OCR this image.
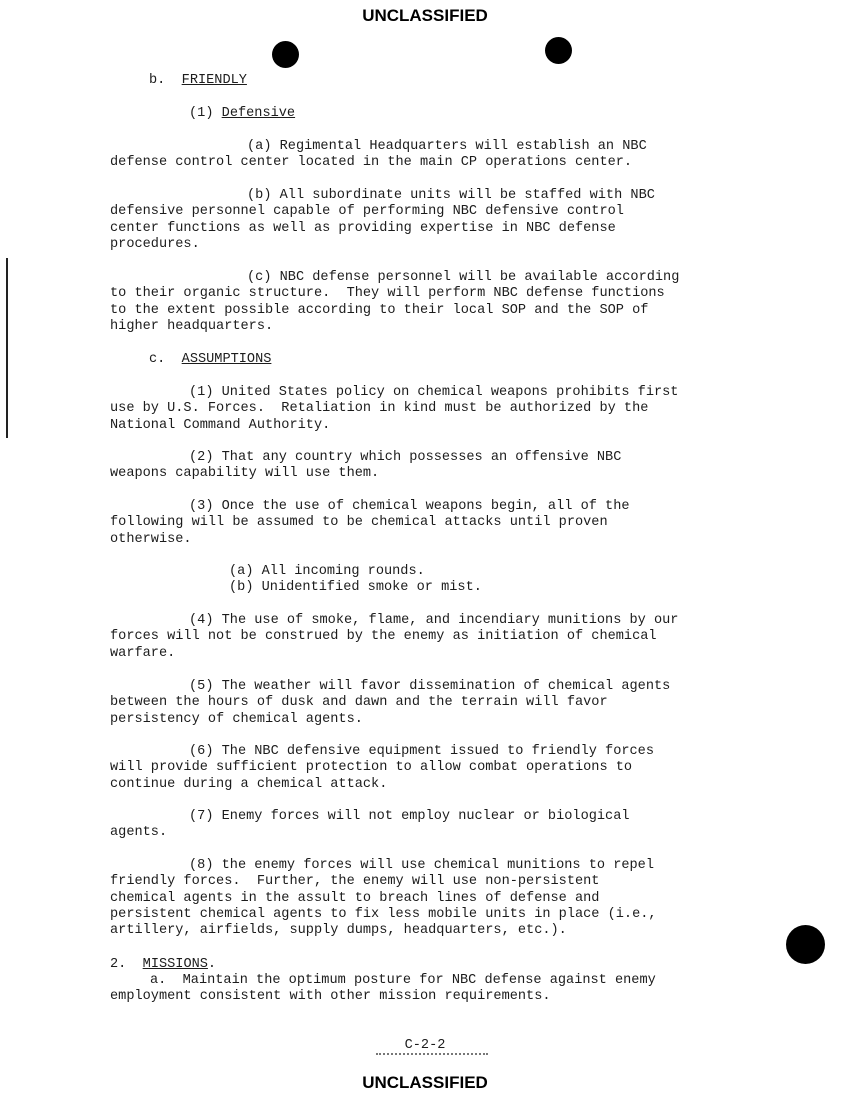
UNCLASSIFIED
b. FRIENDLY
(1) Defensive

(a) Regimental Headquarters will establish an NBC
defense control center located in the main CP operations center.

(b) All subordinate units will be staffed with NBC
defensive personnel capable of performing NBC defensive control
center functions as well as providing expertise in NBC defense
procedures.

(c) NBC defense personnel will be available according
to their organic structure.  They will perform NBC defense functions
to the extent possible according to their local SOP and the SOP of
higher headquarters.

c. ASSUMPTIONS

(1) United States policy on chemical weapons prohibits first
use by U.S. Forces.  Retaliation in kind must be authorized by the
National Command Authority.

(2) That any country which possesses an offensive NBC
weapons capability will use them.

(3) Once the use of chemical weapons begin, all of the
following will be assumed to be chemical attacks until proven
otherwise.

(a) All incoming rounds.
(b) Unidentified smoke or mist.

(4) The use of smoke, flame, and incendiary munitions by our
forces will not be construed by the enemy as initiation of chemical
warfare.

(5) The weather will favor dissemination of chemical agents
between the hours of dusk and dawn and the terrain will favor
persistency of chemical agents.

(6) The NBC defensive equipment issued to friendly forces
will provide sufficient protection to allow combat operations to
continue during a chemical attack.

(7) Enemy forces will not employ nuclear or biological
agents.

(8) the enemy forces will use chemical munitions to repel
friendly forces.  Further, the enemy will use non-persistent
chemical agents in the assult to breach lines of defense and
persistent chemical agents to fix less mobile units in place (i.e.,
artillery, airfields, supply dumps, headquarters, etc.).

2. MISSIONS.

a.  Maintain the optimum posture for NBC defense against enemy
employment consistent with other mission requirements.

C-2-2
UNCLASSIFIED
